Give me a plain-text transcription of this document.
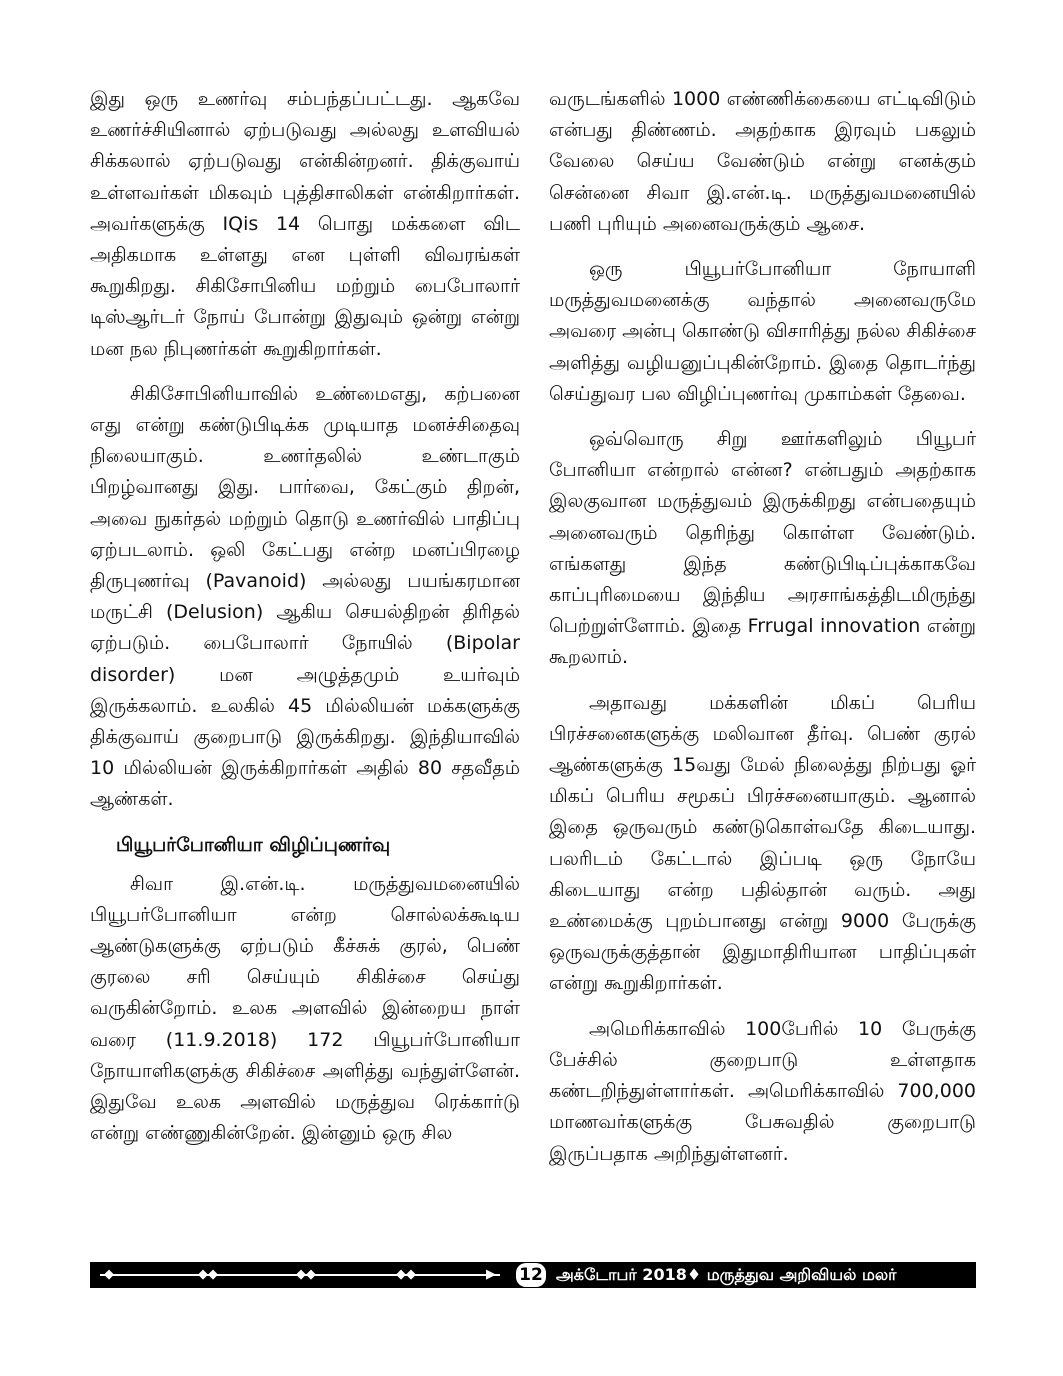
இது ஒரு உணர்வு சம்பந்தப்பட்டது. ஆகவே உணர்ச்சியினால் ஏற்படுவது அல்லது உளவியல் சிக்கலால் ஏற்படுவது என்கின்றனர். திக்குவாய் உள்ளவர்கள் மிகவும் புத்திசாலிகள் என்கிறார்கள். அவர்களுக்கு IQis 14 பொது மக்களை விட அதிகமாக உள்ளது என புள்ளி விவரங்கள் கூறுகிறது. சிகிசோபினிய மற்றும் பைபோலார் டிஸ்ஆர்டர் நோய் போன்று இதுவும் ஒன்று என்று மன நல நிபுணர்கள் கூறுகிறார்கள்.

சிகிசோபினியாவில் உண்மைஎது, கற்பனை எது என்று கண்டுபிடிக்க முடியாத மனச்சிதைவு நிலையாகும். உணர்தலில் உண்டாகும் பிறழ்வானது இது. பார்வை, கேட்கும் திறன், அவை நுகர்தல் மற்றும் தொடு உணர்வில் பாதிப்பு ஏற்படலாம். ஒலி கேட்பது என்ற மனப்பிரழை திருபுணர்வு (Pavanoid) அல்லது பயங்கரமான மருட்சி (Delusion) ஆகிய செயல்திறன் திரிதல் ஏற்படும். பைபோலார் நோயில் (Bipolar disorder) மன அழுத்தமும் உயர்வும் இருக்கலாம். உலகில் 45 மில்லியன் மக்களுக்கு திக்குவாய் குறைபாடு இருக்கிறது. இந்தியாவில் 10 மில்லியன் இருக்கிறார்கள் அதில் 80 சதவீதம் ஆண்கள்.

பியூபர்போனியா விழிப்புணர்வு

சிவா இ.என்.டி. மருத்துவமனையில் பியூபர்போனியா என்ற சொல்லக்கூடிய ஆண்டுகளுக்கு ஏற்படும் கீச்சுக் குரல், பெண் குரலை சரி செய்யும் சிகிச்சை செய்து வருகின்றோம். உலக அளவில் இன்றைய நாள் வரை (11.9.2018) 172 பியூபர்போனியா நோயாளிகளுக்கு சிகிச்சை அளித்து வந்துள்ளேன். இதுவே உலக அளவில் மருத்துவ ரெக்கார்டு என்று எண்ணுகின்றேன். இன்னும் ஒரு சில

வருடங்களில் 1000 எண்ணிக்கையை எட்டிவிடும் என்பது திண்ணம். அதற்காக இரவும் பகலும் வேலை செய்ய வேண்டும் என்று எனக்கும் சென்னை சிவா இ.என்.டி. மருத்துவமனையில் பணி புரியும் அனைவருக்கும் ஆசை.

ஒரு பியூபர்போனியா நோயாளி மருத்துவமனைக்கு வந்தால் அனைவருமே அவரை அன்பு கொண்டு விசாரித்து நல்ல சிகிச்சை அளித்து வழியனுப்புகின்றோம். இதை தொடர்ந்து செய்துவர பல விழிப்புணர்வு முகாம்கள் தேவை.

ஒவ்வொரு சிறு ஊர்களிலும் பியூபர் போனியா என்றால் என்ன? என்பதும் அதற்காக இலகுவான மருத்துவம் இருக்கிறது என்பதையும் அனைவரும் தெரிந்து கொள்ள வேண்டும். எங்களது இந்த கண்டுபிடிப்புக்காகவே காப்புரிமையை இந்திய அரசாங்கத்திடமிருந்து பெற்றுள்ளோம். இதை Frrugal innovation என்று கூறலாம்.

அதாவது மக்களின் மிகப் பெரிய பிரச்சனைகளுக்கு மலிவான தீர்வு. பெண் குரல் ஆண்களுக்கு 15வது மேல் நிலைத்து நிற்பது ஓர் மிகப் பெரிய சமூகப் பிரச்சனையாகும். ஆனால் இதை ஒருவரும் கண்டுகொள்வதே கிடையாது. பலரிடம் கேட்டால் இப்படி ஒரு நோயே கிடையாது என்ற பதில்தான் வரும். அது உண்மைக்கு புறம்பானது என்று 9000 பேருக்கு ஒருவருக்குத்தான் இதுமாதிரியான பாதிப்புகள் என்று கூறுகிறார்கள்.

அமெரிக்காவில் 100பேரில் 10 பேருக்கு பேச்சில் குறைபாடு உள்ளதாக கண்டறிந்துள்ளார்கள். அமெரிக்காவில் 700,000 மாணவர்களுக்கு பேசுவதில் குறைபாடு இருப்பதாக அறிந்துள்ளனர்.

◆	◆◆	◆◆	◆◆	▶ 12 அக்டோபர் 2018♦ மருத்துவ அறிவியல் மலர்
